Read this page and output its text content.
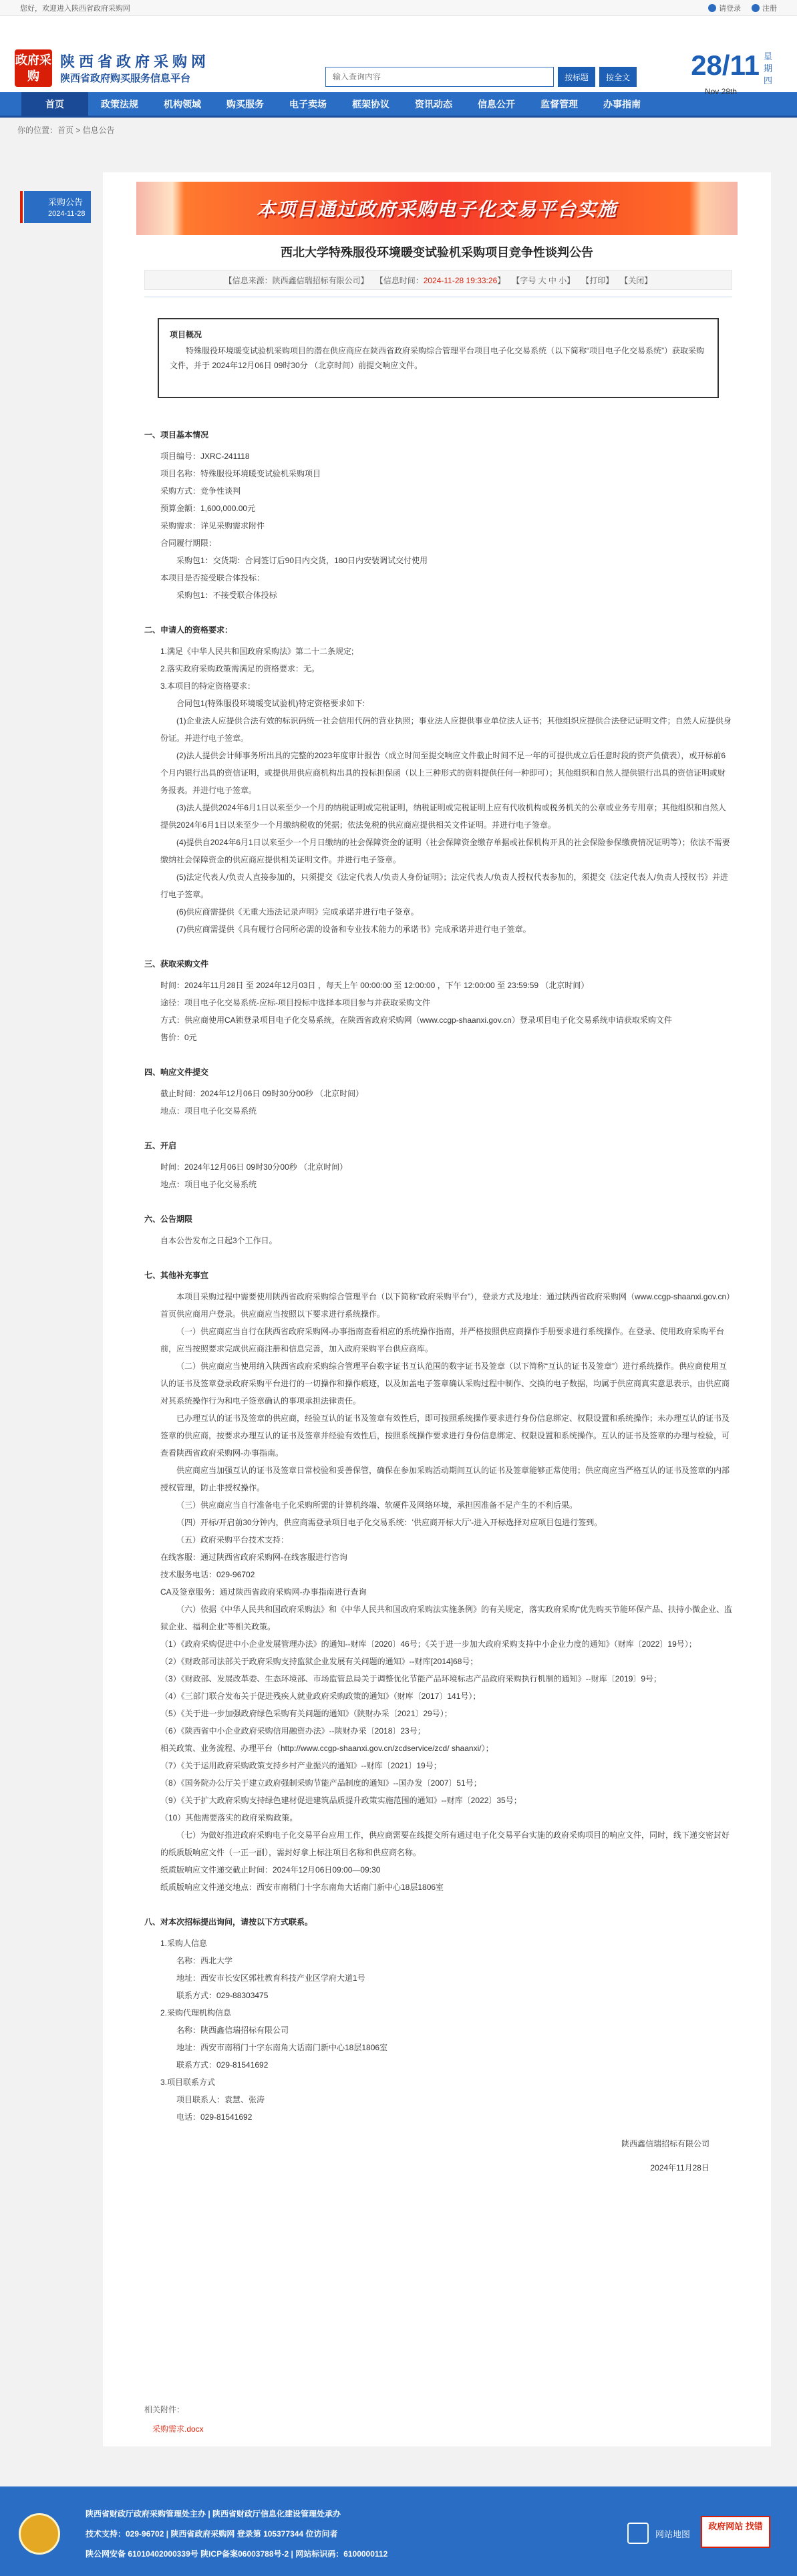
您好，欢迎进入陕西省政府采购网	请登录	注册
政府采购
陕西省政府采购网
陕西省政府购买服务信息平台
输入查询内容	按标题	按全文 28/11 星期四
Nov 28th
首页	政策法规	机构领域	购买服务	电子卖场	框架协议	资讯动态	信息公开	监督管理	办事指南
你的位置：首页 > 信息公告
采购公告
2024-11-28	本项目通过政府采购电子化交易平台实施
西北大学特殊服役环境暖变试验机采购项目竞争性谈判公告
【信息来源：陕西鑫信瑞招标有限公司】 【信息时间：2024-11-28 19:33:26】 【字号 大 中 小】 【打印】 【关闭】
项目概况

特殊服役环境暖变试验机采购项目的潜在供应商应在陕西省政府采购综合管理平台项目电子化交易系统（以下简称“项目电子化交易系统”）获取采购文件，并于 2024年12月06日 09时30分 （北京时间）前提交响应文件。

一、项目基本情况
项目编号：JXRC-241118
项目名称：特殊服役环境暖变试验机采购项目
采购方式：竞争性谈判
预算金额：1,600,000.00元
采购需求：详见采购需求附件
合同履行期限：
采购包1：交货期：合同签订后90日内交货，180日内安装调试交付使用
本项目是否接受联合体投标：
采购包1：不接受联合体投标
二、申请人的资格要求：
1.满足《中华人民共和国政府采购法》第二十二条规定;
2.落实政府采购政策需满足的资格要求：无。
3.本项目的特定资格要求：
合同包1(特殊服役环境暖变试验机)特定资格要求如下:
(1)企业法人应提供合法有效的标识码统一社会信用代码的营业执照；事业法人应提供事业单位法人证书；其他组织应提供合法登记证明文件；自然人应提供身份证。并进行电子签章。
(2)法人提供会计师事务所出具的完整的2023年度审计报告（成立时间至提交响应文件截止时间不足一年的可提供成立后任意时段的资产负债表），或开标前6个月内银行出具的资信证明，或提供用供应商机构出具的投标担保函（以上三种形式的资料提供任何一种即可）；其他组织和自然人提供银行出具的资信证明或财务报表。并进行电子签章。
(3)法人提供2024年6月1日以来至少一个月的纳税证明或完税证明，纳税证明或完税证明上应有代收机构或税务机关的公章或业务专用章；其他组织和自然人提供2024年6月1日以来至少一个月缴纳税收的凭据；依法免税的供应商应提供相关文件证明。并进行电子签章。
(4)提供自2024年6月1日以来至少一个月日缴纳的社会保障资金的证明（社会保障资金缴存单据或社保机构开具的社会保险参保缴费情况证明等）；依法不需要缴纳社会保障资金的供应商应提供相关证明文件。并进行电子签章。
(5)法定代表人/负责人直接参加的，只须提交《法定代表人/负责人身份证明》；法定代表人/负责人授权代表参加的，须提交《法定代表人/负责人授权书》并进行电子签章。
(6)供应商需提供《无重大违法记录声明》完成承诺并进行电子签章。
(7)供应商需提供《具有履行合同所必需的设备和专业技术能力的承诺书》完成承诺并进行电子签章。
三、获取采购文件
时间：2024年11月28日 至 2024年12月03日 ，每天上午 00:00:00 至 12:00:00 ，下午 12:00:00 至 23:59:59 （北京时间）
途径：项目电子化交易系统-应标-项目投标中选择本项目参与并获取采购文件
方式：供应商使用CA锁登录项目电子化交易系统，在陕西省政府采购网（www.ccgp-shaanxi.gov.cn）登录项目电子化交易系统申请获取采购文件
售价：0元
四、响应文件提交
截止时间：2024年12月06日 09时30分00秒 （北京时间）
地点：项目电子化交易系统
五、开启
时间：2024年12月06日 09时30分00秒 （北京时间）
地点：项目电子化交易系统
六、公告期限
自本公告发布之日起3个工作日。
七、其他补充事宜
本项目采购过程中需要使用陕西省政府采购综合管理平台（以下简称“政府采购平台”），登录方式及地址：通过陕西省政府采购网（www.ccgp-shaanxi.gov.cn）首页供应商用户登录。供应商应当按照以下要求进行系统操作。
（一）供应商应当自行在陕西省政府采购网-办事指南查看相应的系统操作指南，并严格按照供应商操作手册要求进行系统操作。在登录、使用政府采购平台前，应当按照要求完成供应商注册和信息完善，加入政府采购平台供应商库。
（二）供应商应当使用纳入陕西省政府采购综合管理平台数字证书互认范围的数字证书及签章（以下简称“互认的证书及签章”）进行系统操作。供应商使用互认的证书及签章登录政府采购平台进行的一切操作和操作痕迹，以及加盖电子签章确认采购过程中制作、交换的电子数据，均属于供应商真实意思表示，由供应商对其系统操作行为和电子签章确认的事项承担法律责任。
已办理互认的证书及签章的供应商，经验互认的证书及签章有效性后，即可按照系统操作要求进行身份信息绑定、权限设置和系统操作；未办理互认的证书及签章的供应商，按要求办理互认的证书及签章并经验有效性后，按照系统操作要求进行身份信息绑定、权限设置和系统操作。互认的证书及签章的办理与检验，可查看陕西省政府采购网-办事指南。
供应商应当加强互认的证书及签章日常校验和妥善保管，确保在参加采购活动期间互认的证书及签章能够正常使用；供应商应当严格互认的证书及签章的内部授权管理，防止非授权操作。
（三）供应商应当自行准备电子化采购所需的计算机终端、软硬件及网络环境，承担因准备不足产生的不利后果。
（四）开标/开启前30分钟内，供应商需登录项目电子化交易系统：'供应商开标大厅'-进入开标选择对应项目包进行签到。
（五）政府采购平台技术支持：
在线客服：通过陕西省政府采购网-在线客服进行咨询
技术服务电话：029-96702
CA及签章服务：通过陕西省政府采购网-办事指南进行查询
（六）依据《中华人民共和国政府采购法》和《中华人民共和国政府采购法实施条例》的有关规定，落实政府采购“优先购买节能环保产品、扶持小微企业、监狱企业、福利企业”等相关政策。
（1）《政府采购促进中小企业发展管理办法》的通知--财库〔2020〕46号；《关于进一步加大政府采购支持中小企业力度的通知》（财库〔2022〕19号）；
（2）《财政部司法部关于政府采购支持监狱企业发展有关问题的通知》--财库[2014]68号；
（3）《财政部、发展改革委、生态环境部、市场监管总局关于调整优化节能产品环境标志产品政府采购执行机制的通知》--财库〔2019〕9号；
（4）《三部门联合发布关于促进残疾人就业政府采购政策的通知》（财库〔2017〕141号）；
（5）《关于进一步加强政府绿色采购有关问题的通知》（陕财办采〔2021〕29号）；
（6）《陕西省中小企业政府采购信用融资办法》--陕财办采〔2018〕23号；
相关政策、业务流程、办理平台（http://www.ccgp-shaanxi.gov.cn/zcdservice/zcd/ shaanxi/）；
（7）《关于运用政府采购政策支持乡村产业振兴的通知》--财库〔2021〕19号；
（8）《国务院办公厅关于建立政府强制采购节能产品制度的通知》--国办发〔2007〕51号；
（9）《关于扩大政府采购支持绿色建材促进建筑品质提升政策实施范围的通知》--财库〔2022〕35号；
（10）其他需要落实的政府采购政策。
（七）为做好推进政府采购电子化交易平台应用工作，供应商需要在线提交所有通过电子化交易平台实施的政府采购项目的响应文件，同时，线下递交密封好的纸质版响应文件（一正一副），需封好拿上标注项目名称和供应商名称。
纸质版响应文件递交截止时间：2024年12月06日09:00—09:30
纸质版响应文件递交地点：西安市南稍门十字东南角大话南门新中心18层1806室
八、对本次招标提出询问，请按以下方式联系。
1.采购人信息
名称：西北大学
地址：西安市长安区郭杜教育科技产业区学府大道1号
联系方式：029-88303475
2.采购代理机构信息
名称：陕西鑫信瑞招标有限公司
地址：西安市南稍门十字东南角大话南门新中心18层1806室
联系方式：029-81541692
3.项目联系方式
项目联系人：袁慧、张涛
电话：029-81541692
陕西鑫信瑞招标有限公司
2024年11月28日
相关附件：
采购需求.docx
陕西省财政厅政府采购管理处主办 | 陕西省财政厅信息化建设管理处承办
技术支持：029-96702 | 陕西省政府采购网 登录第 105377344 位访问者
陕公网安备 61010402000339号 陕ICP备案06003788号-2 | 网站标识码：6100000112
网站地图
政府网站 找错
